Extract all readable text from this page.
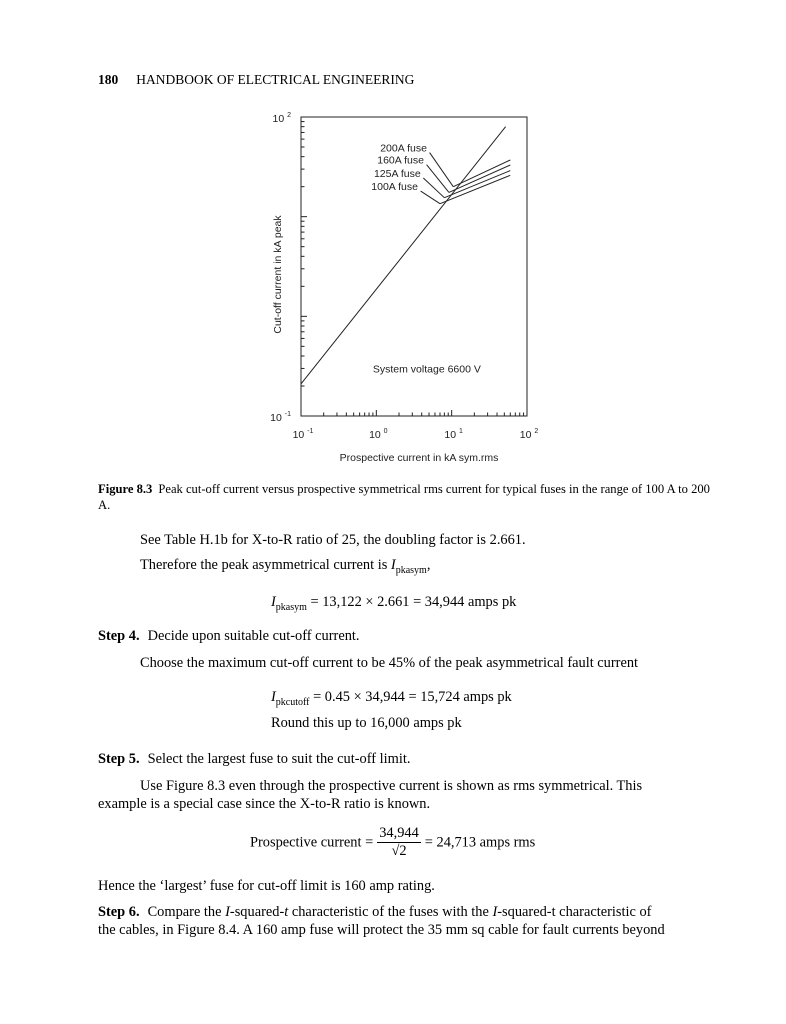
180 HANDBOOK OF ELECTRICAL ENGINEERING
10 $^{-1}$	10 $^0$	10 $^1$	10 $^2$
10 $^{-1}$
10 $^2$
Prospective current in kA sym.rms
Cut-off current in kA peak
System voltage 6600 V
200A fuse
160A fuse
125A fuse
100A fuse
Figure 8.3 Peak cut-off current versus prospective symmetrical rms current for typical fuses in the range of 100 A to 200 A.
See Table H.1b for X-to-R ratio of 25, the doubling factor is 2.661.
Therefore the peak asymmetrical current is $I_{pkasym}$,
$I_{pkasym} = 13,122 \times 2.661 = 34,944$ amps pk
Step 4. Decide upon suitable cut-off current.
Choose the maximum cut-off current to be 45% of the peak asymmetrical fault current
$I_{pkcutoff} = 0.45 \times 34,944 = 15,724$ amps pk
Round this up to 16,000 amps pk
Step 5. Select the largest fuse to suit the cut-off limit.
Use Figure 8.3 even through the prospective current is shown as rms symmetrical. This
example is a special case since the X-to-R ratio is known.
Prospective current = $\frac{34,944}{√2} = 24,713$ amps rms
Hence the ‘largest’ fuse for cut-off limit is 160 amp rating.
Step 6. Compare the I-squared-t characteristic of the fuses with the I-squared-t characteristic of
the cables, in Figure 8.4. A 160 amp fuse will protect the 35 mm sq cable for fault currents beyond
